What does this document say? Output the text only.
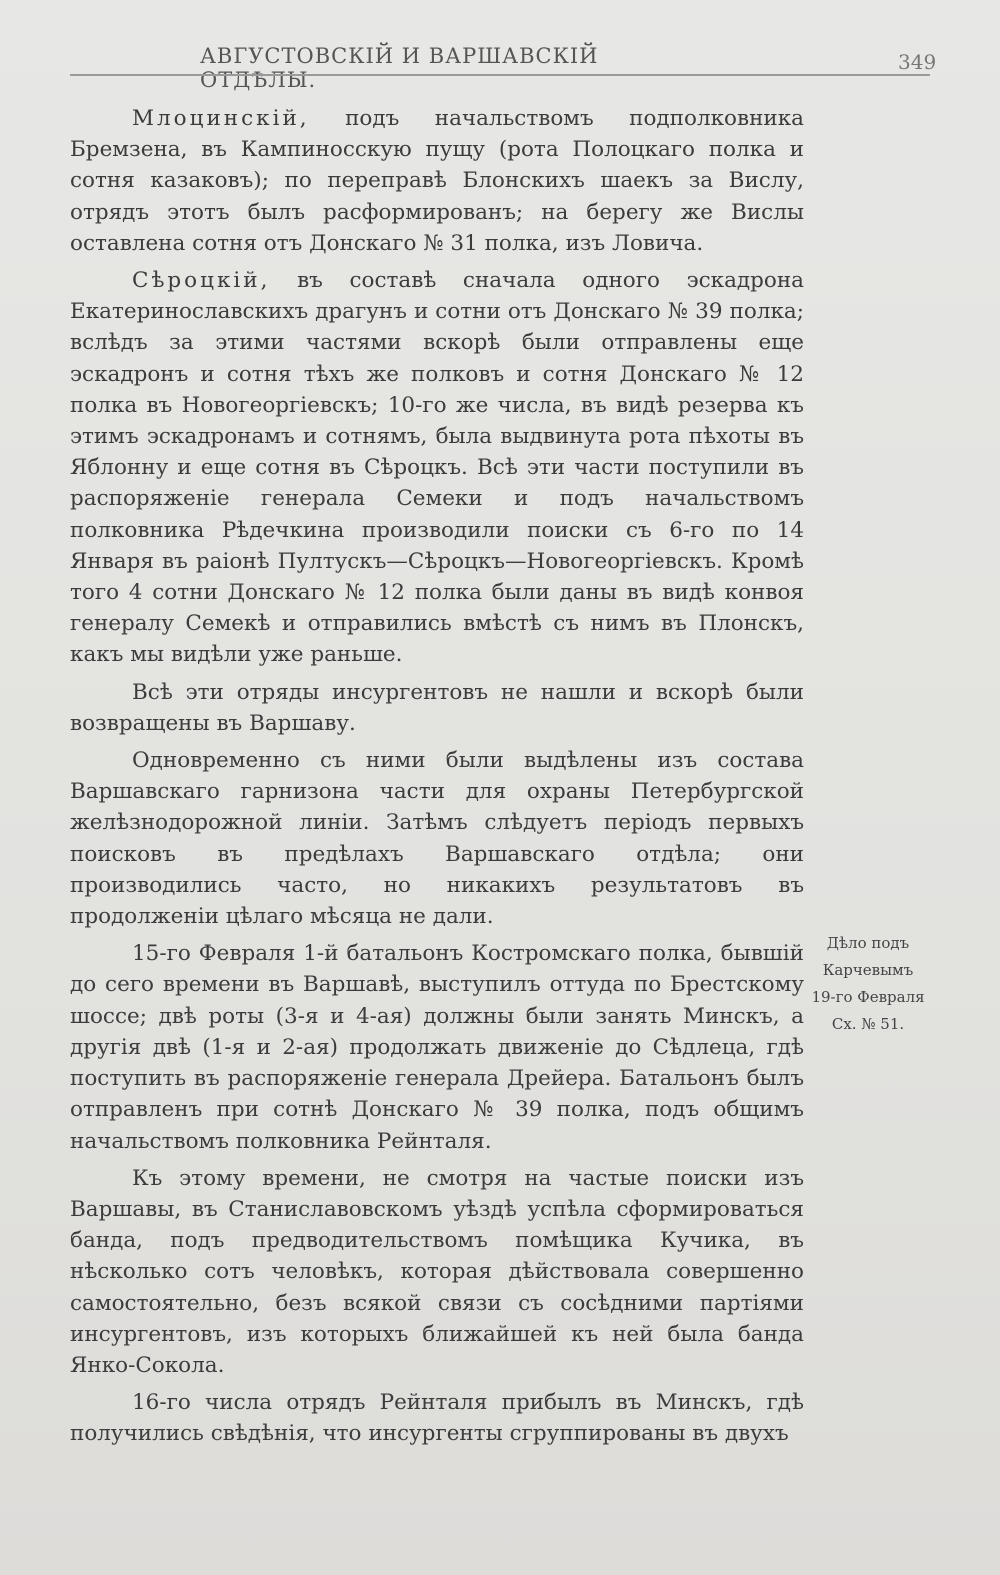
АВГУСТОВСКІЙ И ВАРШАВСКІЙ ОТДѢЛЫ.
349

Млоцинскій, подъ начальствомъ подполковника Бремзена, въ Кампиносскую пущу (рота Полоцкаго полка и сотня казаковъ); по переправѣ Блонскихъ шаекъ за Вислу, отрядъ этотъ былъ расформированъ; на берегу же Вислы оставлена сотня отъ Донскаго № 31 полка, изъ Ловича.

Сѣроцкій, въ составѣ сначала одного эскадрона Екатеринославскихъ драгунъ и сотни отъ Донскаго № 39 полка; вслѣдъ за этими частями вскорѣ были отправлены еще эскадронъ и сотня тѣхъ же полковъ и сотня Донскаго № 12 полка въ Новогеоргіевскъ; 10-го же числа, въ видѣ резерва къ этимъ эскадронамъ и сотнямъ, была выдвинута рота пѣхоты въ Яблонну и еще сотня въ Сѣроцкъ. Всѣ эти части поступили въ распоряженіе генерала Семеки и подъ начальствомъ полковника Рѣдечкина производили поиски съ 6-го по 14 Января въ раіонѣ Пултускъ—Сѣроцкъ—Новогеоргіевскъ. Кромѣ того 4 сотни Донскаго № 12 полка были даны въ видѣ конвоя генералу Семекѣ и отправились вмѣстѣ съ нимъ въ Плонскъ, какъ мы видѣли уже раньше.

Всѣ эти отряды инсургентовъ не нашли и вскорѣ были возвращены въ Варшаву.

Одновременно съ ними были выдѣлены изъ состава Варшавскаго гарнизона части для охраны Петербургской желѣзнодорожной линіи. Затѣмъ слѣдуетъ періодъ первыхъ поисковъ въ предѣлахъ Варшавскаго отдѣла; они производились часто, но никакихъ результатовъ въ продолженіи цѣлаго мѣсяца не дали.

15-го Февраля 1-й батальонъ Костромскаго полка, бывшій до сего времени въ Варшавѣ, выступилъ оттуда по Брестскому шоссе; двѣ роты (3-я и 4-ая) должны были занять Минскъ, а другія двѣ (1-я и 2-ая) продолжать движеніе до Сѣдлеца, гдѣ поступить въ распоряженіе генерала Дрейера. Батальонъ былъ отправленъ при сотнѣ Донскаго № 39 полка, подъ общимъ начальствомъ полковника Рейнталя.

Къ этому времени, не смотря на частые поиски изъ Варшавы, въ Станиславовскомъ уѣздѣ успѣла сформироваться банда, подъ предводительствомъ помѣщика Кучика, въ нѣсколько сотъ человѣкъ, которая дѣйствовала совершенно самостоятельно, безъ всякой связи съ сосѣдними партіями инсургентовъ, изъ которыхъ ближайшей къ ней была банда Янко-Сокола.

16-го числа отрядъ Рейнталя прибылъ въ Минскъ, гдѣ получились свѣдѣнія, что инсургенты сгруппированы въ двухъ

Дѣло подъ
Карчевымъ
19-го Февраля
Сх. № 51.
